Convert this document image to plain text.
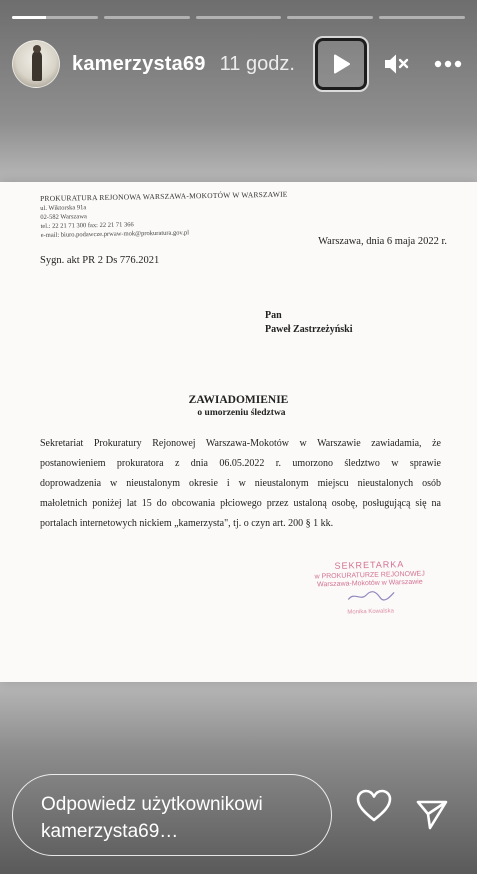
kamerzysta69 11 godz.
PROKURATURA REJONOWA WARSZAWA-MOKOTÓW W WARSZAWIE
ul. Wiktorska 91a
02-582 Warszawa
tel.: 22 21 71 300 fax: 22 21 71 366
e-mail: biuro.podawcze.prwaw-mok@prokuratura.gov.pl
Warszawa, dnia 6 maja 2022 r.
Sygn. akt PR 2 Ds 776.2021
Pan
Paweł Zastrzeżyński
ZAWIADOMIENIE
o umorzeniu śledztwa
Sekretariat Prokuratury Rejonowej Warszawa-Mokotów w Warszawie zawiadamia, że
postanowieniem prokuratora z dnia 06.05.2022 r. umorzono śledztwo w sprawie
doprowadzenia w nieustalonym okresie i w nieustalonym miejscu nieustalonych osób
małoletnich poniżej lat 15 do obcowania płciowego przez ustaloną osobę, posługującą się na
portalach internetowych nickiem „kamerzysta", tj. o czyn art. 200 § 1 kk.
SEKRETARKA
w PROKURATURZE REJONOWEJ
Warszawa-Mokotów w Warszawie
Monika Kowalska
Odpowiedz użytkownikowi
kamerzysta69…
